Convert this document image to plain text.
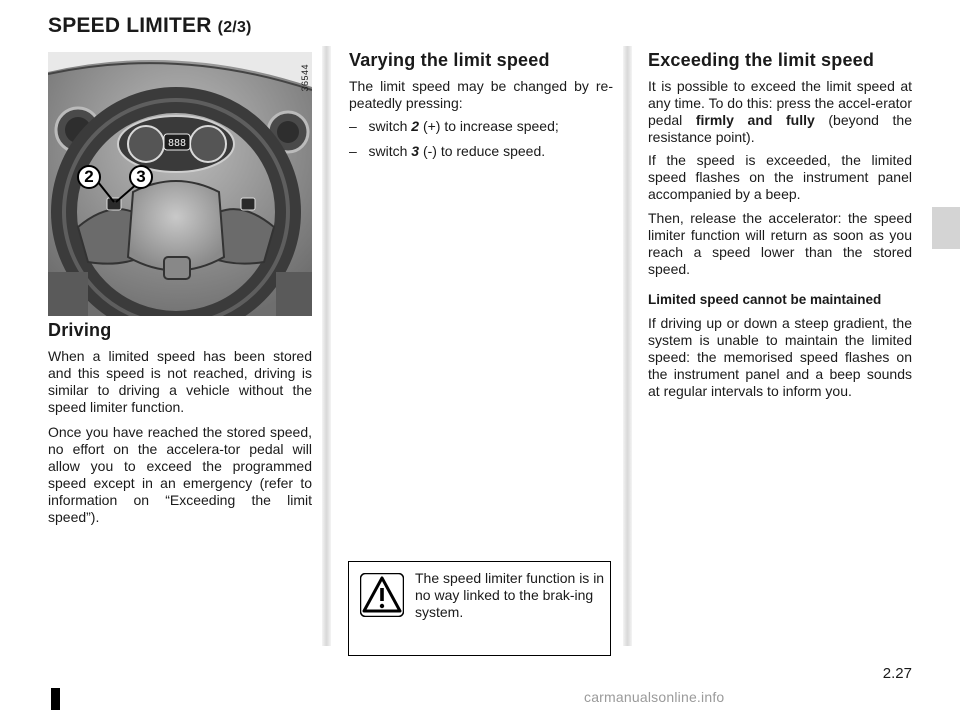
SPEED LIMITER (2/3)
888
36544
2	3
Driving

When a limited speed has been stored and this speed is not reached, driving is similar to driving a vehicle without the speed limiter function.

Once you have reached the stored speed, no effort on the accelera-tor pedal will allow you to exceed the programmed speed except in an emergency (refer to information on “Exceeding the limit speed”).

Varying the limit speed

The limit speed may be changed by re-peatedly pressing:

– switch 2 (+) to increase speed;

– switch 3 (-) to reduce speed.

The speed limiter function is in no way linked to the brak-ing system.

Exceeding the limit speed

It is possible to exceed the limit speed at any time. To do this: press the accel-erator pedal firmly and fully (beyond the resistance point).

If the speed is exceeded, the limited speed flashes on the instrument panel accompanied by a beep.

Then, release the accelerator: the speed limiter function will return as soon as you reach a speed lower than the stored speed.

Limited speed cannot be maintained

If driving up or down a steep gradient, the system is unable to maintain the limited speed: the memorised speed flashes on the instrument panel and a beep sounds at regular intervals to inform you.

2.27
carmanualsonline.info
